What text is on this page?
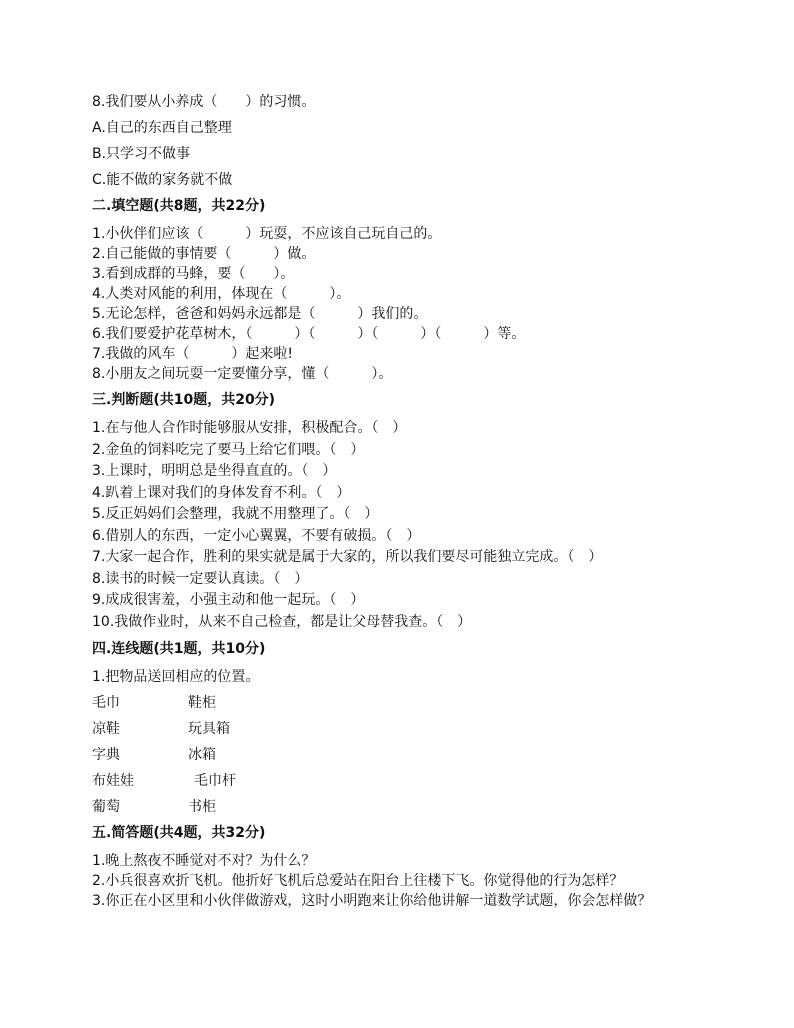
8.我们要从小养成（　　）的习惯。
A.自己的东西自己整理
B.只学习不做事
C.能不做的家务就不做
二.填空题(共8题，共22分)
1.小伙伴们应该（　　　）玩耍，不应该自己玩自己的。
2.自己能做的事情要（　　　）做。
3.看到成群的马蜂，要（　　）。
4.人类对风能的利用，体现在（　　　）。
5.无论怎样，爸爸和妈妈永远都是（　　　）我们的。
6.我们要爱护花草树木，（　　　）（　　　）（　　　）（　　　）等。
7.我做的风车（　　　）起来啦!
8.小朋友之间玩耍一定要懂分享，懂（　　　）。
三.判断题(共10题，共20分)
1.在与他人合作时能够服从安排，积极配合。（　）
2.金鱼的饲料吃完了要马上给它们喂。（　）
3.上课时，明明总是坐得直直的。（　）
4.趴着上课对我们的身体发育不利。（　）
5.反正妈妈们会整理，我就不用整理了。（　）
6.借别人的东西，一定小心翼翼，不要有破损。（　）
7.大家一起合作，胜利的果实就是属于大家的，所以我们要尽可能独立完成。（　）
8.读书的时候一定要认真读。（　）
9.成成很害羞，小强主动和他一起玩。（　）
10.我做作业时，从来不自己检查，都是让父母替我查。（　）
四.连线题(共1题，共10分)
1.把物品送回相应的位置。
毛巾	鞋柜
凉鞋	玩具箱
字典	冰箱
布娃娃	毛巾杆
葡萄	书柜
五.简答题(共4题，共32分)
1.晚上熬夜不睡觉对不对？为什么？
2.小兵很喜欢折飞机。他折好飞机后总爱站在阳台上往楼下飞。你觉得他的行为怎样？
3.你正在小区里和小伙伴做游戏，这时小明跑来让你给他讲解一道数学试题，你会怎样做？
